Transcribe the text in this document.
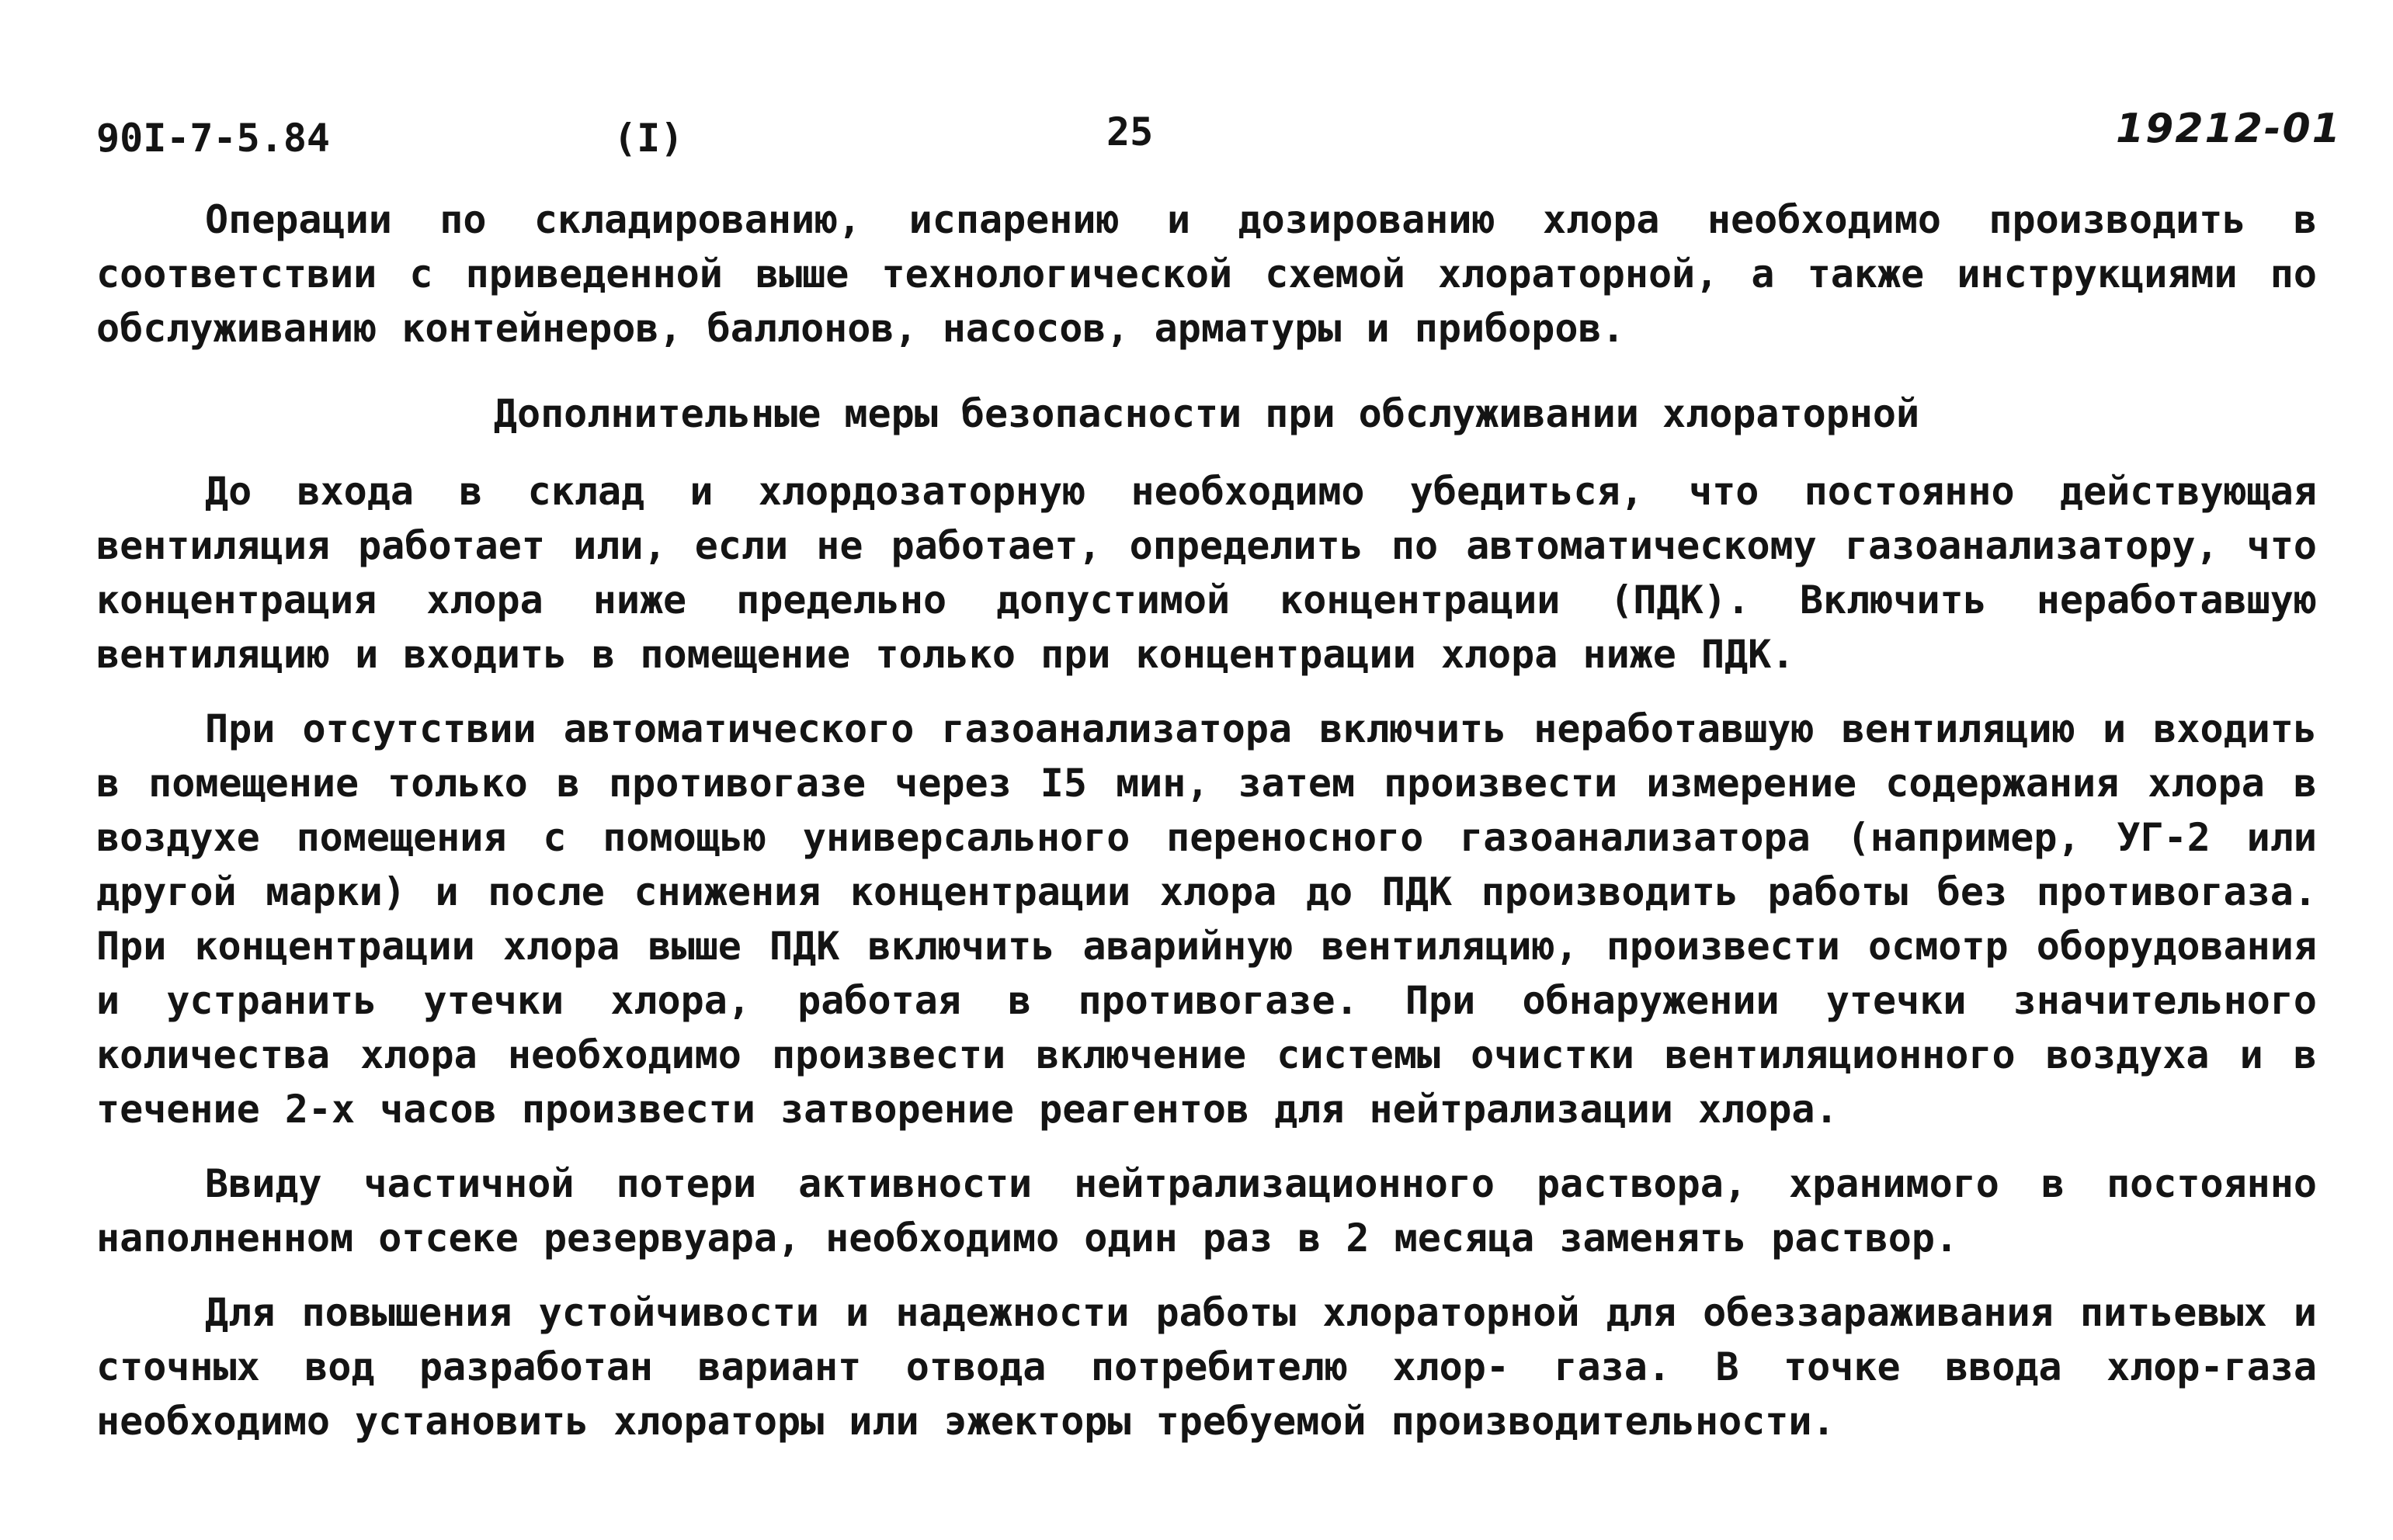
90I-7-5.84	(I)	25	19212-01

Операции по складированию, испарению и дозированию хлора необходимо производить в соответствии с приведенной выше технологической схемой хлораторной, а также инструкциями по обслуживанию контейнеров, баллонов, насосов, арматуры и приборов.

Дополнительные меры безопасности при обслуживании хлораторной

До входа в склад и хлордозаторную необходимо убедиться, что постоянно действующая вентиляция работает или, если не работает, определить по автоматическому газоанализатору, что концентрация хлора ниже предельно допустимой концентрации (ПДК). Включить неработавшую вентиляцию и входить в помещение только при концентрации хлора ниже ПДК.

При отсутствии автоматического газоанализатора включить неработавшую вентиляцию и входить в помещение только в противогазе через I5 мин, затем произвести измерение содержания хлора в воздухе помещения с помощью универсального переносного газоанализатора (например, УГ-2 или другой марки) и после снижения концентрации хлора до ПДК производить работы без противогаза. При концентрации хлора выше ПДК включить аварийную вентиляцию, произвести осмотр оборудования и устранить утечки хлора, работая в противогазе. При обнаружении утечки значительного количества хлора необходимо произвести включение системы очистки вентиляционного воздуха и в течение 2-х часов произвести затворение реагентов для нейтрализации хлора.

Ввиду частичной потери активности нейтрализационного раствора, хранимого в постоянно наполненном отсеке резервуара, необходимо один раз в 2 месяца заменять раствор.

Для повышения устойчивости и надежности работы хлораторной для обеззараживания питьевых и сточных вод разработан вариант отвода потребителю хлор- газа. В точке ввода хлор-газа необходимо установить хлораторы или эжекторы требуемой производительности.
